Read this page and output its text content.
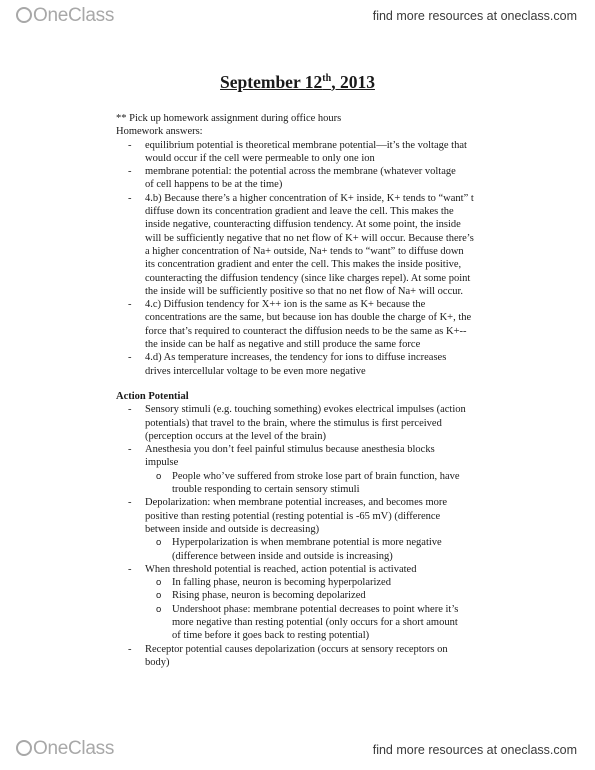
OneClass	find more resources at oneclass.com
September 12th, 2013
** Pick up homework assignment during office hours
Homework answers:
- equilibrium potential is theoretical membrane potential—it’s the voltage that
would occur if the cell were permeable to only one ion
- membrane potential: the potential across the membrane (whatever voltage
of cell happens to be at the time)
- 4.b) Because there’s a higher concentration of K+ inside, K+ tends to “want” t
diffuse down its concentration gradient and leave the cell. This makes the
inside negative, counteracting diffusion tendency. At some point, the inside
will be sufficiently negative that no net flow of K+ will occur. Because there’s
a higher concentration of Na+ outside, Na+ tends to “want” to diffuse down
its concentration gradient and enter the cell. This makes the inside positive,
counteracting the diffusion tendency (since like charges repel). At some point
the inside will be sufficiently positive so that no net flow of Na+ will occur.
- 4.c) Diffusion tendency for X++ ion is the same as K+ because the
concentrations are the same, but because ion has double the charge of K+, the
force that’s required to counteract the diffusion needs to be the same as K+--
the inside can be half as negative and still produce the same force
- 4.d) As temperature increases, the tendency for ions to diffuse increases
drives intercellular voltage to be even more negative
Action Potential
- Sensory stimuli (e.g. touching something) evokes electrical impulses (action
potentials) that travel to the brain, where the stimulus is first perceived
(perception occurs at the level of the brain)
- Anesthesia you don’t feel painful stimulus because anesthesia blocks
impulse
o People who’ve suffered from stroke lose part of brain function, have
trouble responding to certain sensory stimuli
- Depolarization: when membrane potential increases, and becomes more
positive than resting potential (resting potential is -65 mV) (difference
between inside and outside is decreasing)
o Hyperpolarization is when membrane potential is more negative
(difference between inside and outside is increasing)
- When threshold potential is reached, action potential is activated
o In falling phase, neuron is becoming hyperpolarized
o Rising phase, neuron is becoming depolarized
o Undershoot phase: membrane potential decreases to point where it’s
more negative than resting potential (only occurs for a short amount
of time before it goes back to resting potential)
- Receptor potential causes depolarization (occurs at sensory receptors on
body)
OneClass	find more resources at oneclass.com
